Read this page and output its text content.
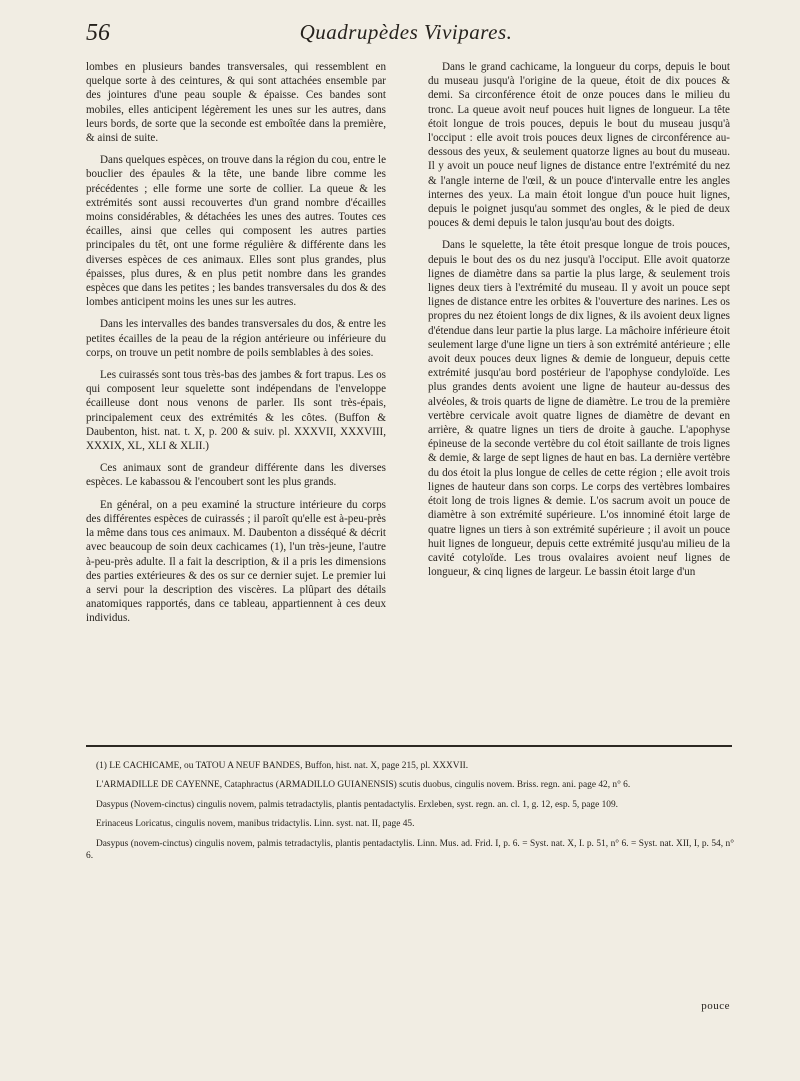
56	Quadrupèdes Vivipares.

lombes en plusieurs bandes transversales, qui ressemblent en quelque sorte à des ceintures, & qui sont attachées ensemble par des jointures d'une peau souple & épaisse. Ces bandes sont mobiles, elles anticipent légèrement les unes sur les autres, dans leurs bords, de sorte que la seconde est emboîtée dans la première, & ainsi de suite.

Dans quelques espèces, on trouve dans la région du cou, entre le bouclier des épaules & la tête, une bande libre comme les précédentes ; elle forme une sorte de collier. La queue & les extrémités sont aussi recouvertes d'un grand nombre d'écailles moins considérables, & détachées les unes des autres. Toutes ces écailles, ainsi que celles qui composent les autres parties principales du têt, ont une forme régulière & différente dans les diverses espèces de ces animaux. Elles sont plus grandes, plus épaisses, plus dures, & en plus petit nombre dans les grandes espèces que dans les petites ; les bandes transversales du dos & des lombes anticipent moins les unes sur les autres.

Dans les intervalles des bandes transversales du dos, & entre les petites écailles de la peau de la région antérieure ou inférieure du corps, on trouve un petit nombre de poils semblables à des soies.

Les cuirassés sont tous très-bas des jambes & fort trapus. Les os qui composent leur squelette sont indépendans de l'enveloppe écailleuse dont nous venons de parler. Ils sont très-épais, principalement ceux des extrémités & les côtes. (Buffon & Daubenton, hist. nat. t. X, p. 200 & suiv. pl. XXXVII, XXXVIII, XXXIX, XL, XLI & XLII.)

Ces animaux sont de grandeur différente dans les diverses espèces. Le kabassou & l'encoubert sont les plus grands.

En général, on a peu examiné la structure intérieure du corps des différentes espèces de cuirassés ; il paroît qu'elle est à-peu-près la même dans tous ces animaux. M. Daubenton a disséqué & décrit avec beaucoup de soin deux cachicames (1), l'un très-jeune, l'autre à-peu-près adulte. Il a fait la description, & il a pris les dimensions des parties extérieures & des os sur ce dernier sujet. Le premier lui a servi pour la description des viscères. La plûpart des détails anatomiques rapportés, dans ce tableau, appartiennent à ces deux individus.

Dans le grand cachicame, la longueur du corps, depuis le bout du museau jusqu'à l'origine de la queue, étoit de dix pouces & demi. Sa circonférence étoit de onze pouces dans le milieu du tronc. La queue avoit neuf pouces huit lignes de longueur. La tête étoit longue de trois pouces, depuis le bout du museau jusqu'à l'occiput : elle avoit trois pouces deux lignes de circonférence au-dessous des yeux, & seulement quatorze lignes au bout du museau. Il y avoit un pouce neuf lignes de distance entre l'extrémité du nez & l'angle interne de l'œil, & un pouce d'intervalle entre les angles internes des yeux. La main étoit longue d'un pouce huit lignes, depuis le poignet jusqu'au sommet des ongles, & le pied de deux pouces & demi depuis le talon jusqu'au bout des doigts.

Dans le squelette, la tête étoit presque longue de trois pouces, depuis le bout des os du nez jusqu'à l'occiput. Elle avoit quatorze lignes de diamètre dans sa partie la plus large, & seulement trois lignes deux tiers à l'extrémité du museau. Il y avoit un pouce sept lignes de distance entre les orbites & l'ouverture des narines. Les os propres du nez étoient longs de dix lignes, & ils avoient deux lignes d'étendue dans leur partie la plus large. La mâchoire inférieure étoit seulement large d'une ligne un tiers à son extrémité antérieure ; elle avoit deux pouces deux lignes & demie de longueur, depuis cette extrémité jusqu'au bord postérieur de l'apophyse condyloïde. Les plus grandes dents avoient une ligne de hauteur au-dessus des alvéoles, & trois quarts de ligne de diamètre. Le trou de la première vertèbre cervicale avoit quatre lignes de diamètre de devant en arrière, & quatre lignes un tiers de droite à gauche. L'apophyse épineuse de la seconde vertèbre du col étoit saillante de trois lignes & demie, & large de sept lignes de haut en bas. La dernière vertèbre du dos étoit la plus longue de celles de cette région ; elle avoit trois lignes de hauteur dans son corps. Le corps des vertèbres lombaires étoit long de trois lignes & demie. L'os sacrum avoit un pouce de diamètre à son extrémité supérieure. L'os innominé étoit large de quatre lignes un tiers à son extrémité supérieure ; il avoit un pouce huit lignes de longueur, depuis cette extrémité jusqu'au milieu de la cavité cotyloïde. Les trous ovalaires avoient neuf lignes de longueur, & cinq lignes de largeur. Le bassin étoit large d'un

(1) LE CACHICAME, ou TATOU A NEUF BANDES, Buffon, hist. nat. X, page 215, pl. XXXVII.

L'ARMADILLE DE CAYENNE, Cataphractus (ARMADILLO GUIANENSIS) scutis duobus, cingulis novem. Briss. regn. ani. page 42, n° 6.

Dasypus (Novem-cinctus) cingulis novem, palmis tetradactylis, plantis pentadactylis. Erxleben, syst. regn. an. cl. 1, g. 12, esp. 5, page 109.

Erinaceus Loricatus, cingulis novem, manibus tridactylis. Linn. syst. nat. II, page 45.

Dasypus (novem-cinctus) cingulis novem, palmis tetradactylis, plantis pentadactylis. Linn. Mus. ad. Frid. I, p. 6. = Syst. nat. X, I. p. 51, n° 6. = Syst. nat. XII, I, p. 54, n° 6.

pouce
